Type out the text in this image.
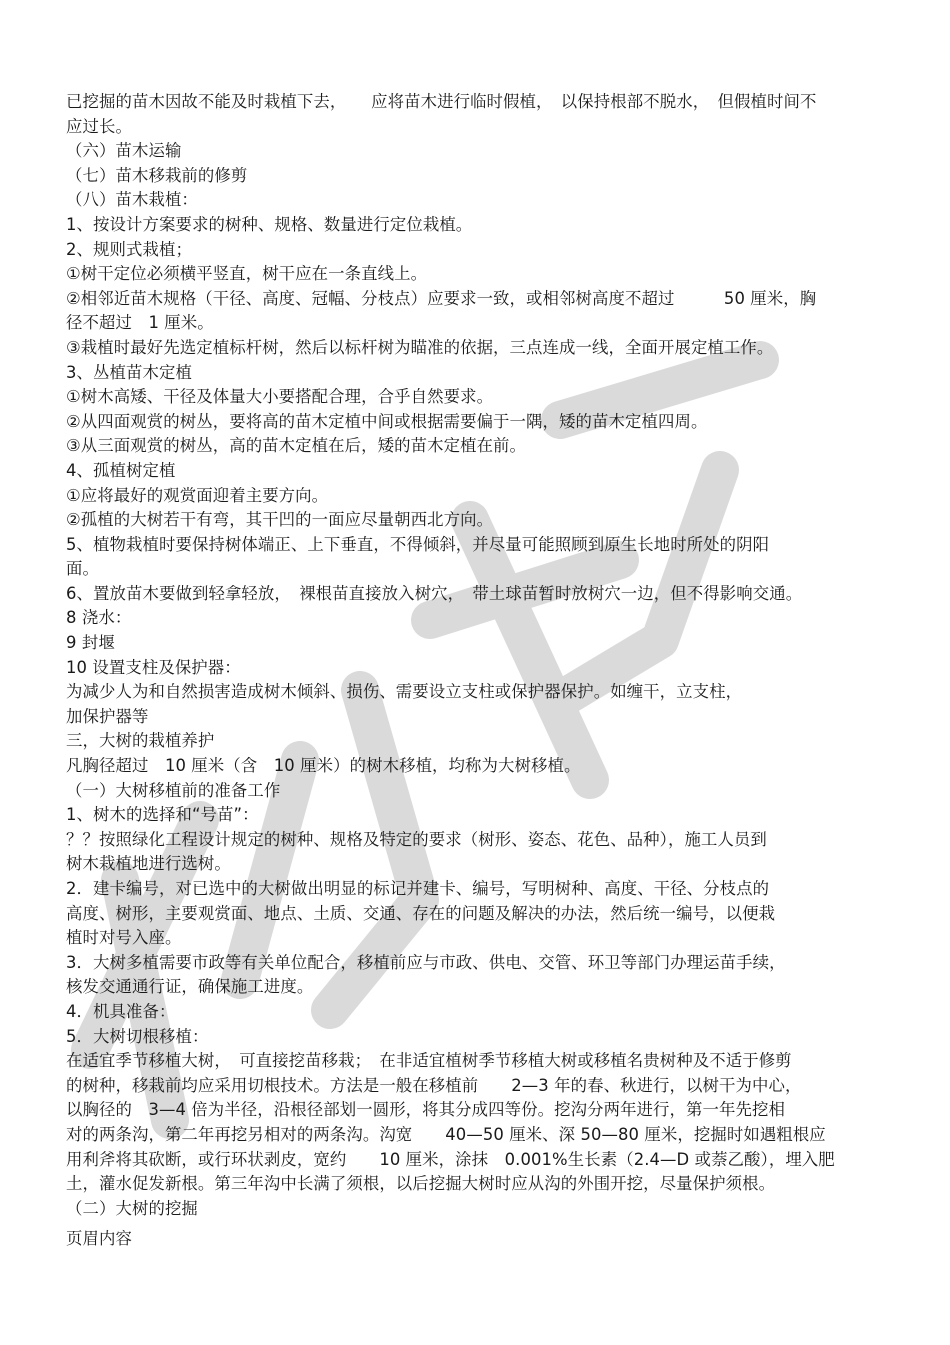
已挖掘的苗木因故不能及时栽植下去，　　应将苗木进行临时假植，　以保持根部不脱水，　但假植时间不
应过长。
（六）苗木运输
（七）苗木移栽前的修剪
（八）苗木栽植：
1、按设计方案要求的树种、规格、数量进行定位栽植。
2、规则式栽植；
①树干定位必须横平竖直，树干应在一条直线上。
②相邻近苗木规格（干径、高度、冠幅、分枝点）应要求一致，或相邻树高度不超过　　　50 厘米，胸
径不超过　1 厘米。
③栽植时最好先选定植标杆树，然后以标杆树为瞄准的依据，三点连成一线，全面开展定植工作。
3、丛植苗木定植
①树木高矮、干径及体量大小要搭配合理，合乎自然要求。
②从四面观赏的树丛，要将高的苗木定植中间或根据需要偏于一隅，矮的苗木定植四周。
③从三面观赏的树丛，高的苗木定植在后，矮的苗木定植在前。
4、孤植树定植
①应将最好的观赏面迎着主要方向。
②孤植的大树若干有弯，其干凹的一面应尽量朝西北方向。
5、植物栽植时要保持树体端正、上下垂直，不得倾斜，并尽量可能照顾到原生长地时所处的阴阳
面。
6、置放苗木要做到轻拿轻放，　裸根苗直接放入树穴，　带土球苗暂时放树穴一边，但不得影响交通。
8 浇水：
9 封堰
10 设置支柱及保护器：
为减少人为和自然损害造成树木倾斜、损伤、需要设立支柱或保护器保护。如缠干，立支柱，
加保护器等
三，大树的栽植养护
凡胸径超过　10 厘米（含　10 厘米）的树木移植，均称为大树移植。
（一）大树移植前的准备工作
1、树木的选择和“号苗”：
？？按照绿化工程设计规定的树种、规格及特定的要求（树形、姿态、花色、品种），施工人员到
树木栽植地进行选树。
2．建卡编号，对已选中的大树做出明显的标记并建卡、编号，写明树种、高度、干径、分枝点的
高度、树形，主要观赏面、地点、土质、交通、存在的问题及解决的办法，然后统一编号，以便栽
植时对号入座。
3．大树多植需要市政等有关单位配合，移植前应与市政、供电、交管、环卫等部门办理运苗手续，
核发交通通行证，确保施工进度。
4．机具准备：
5．大树切根移植：
在适宜季节移植大树，　可直接挖苗移栽；　在非适宜植树季节移植大树或移植名贵树种及不适于修剪
的树种，移栽前均应采用切根技术。方法是一般在移植前　　2—3 年的春、秋进行，以树干为中心，
以胸径的　3—4 倍为半径，沿根径部划一圆形，将其分成四等份。挖沟分两年进行，第一年先挖相
对的两条沟，第二年再挖另相对的两条沟。沟宽　　40—50 厘米、深 50—80 厘米，挖掘时如遇粗根应
用利斧将其砍断，或行环状剥皮，宽约　　10 厘米，涂抹　0.001%生长素（2.4—D 或萘乙酸），埋入肥
土，灌水促发新根。第三年沟中长满了须根，以后挖掘大树时应从沟的外围开挖，尽量保护须根。
（二）大树的挖掘
页眉内容
